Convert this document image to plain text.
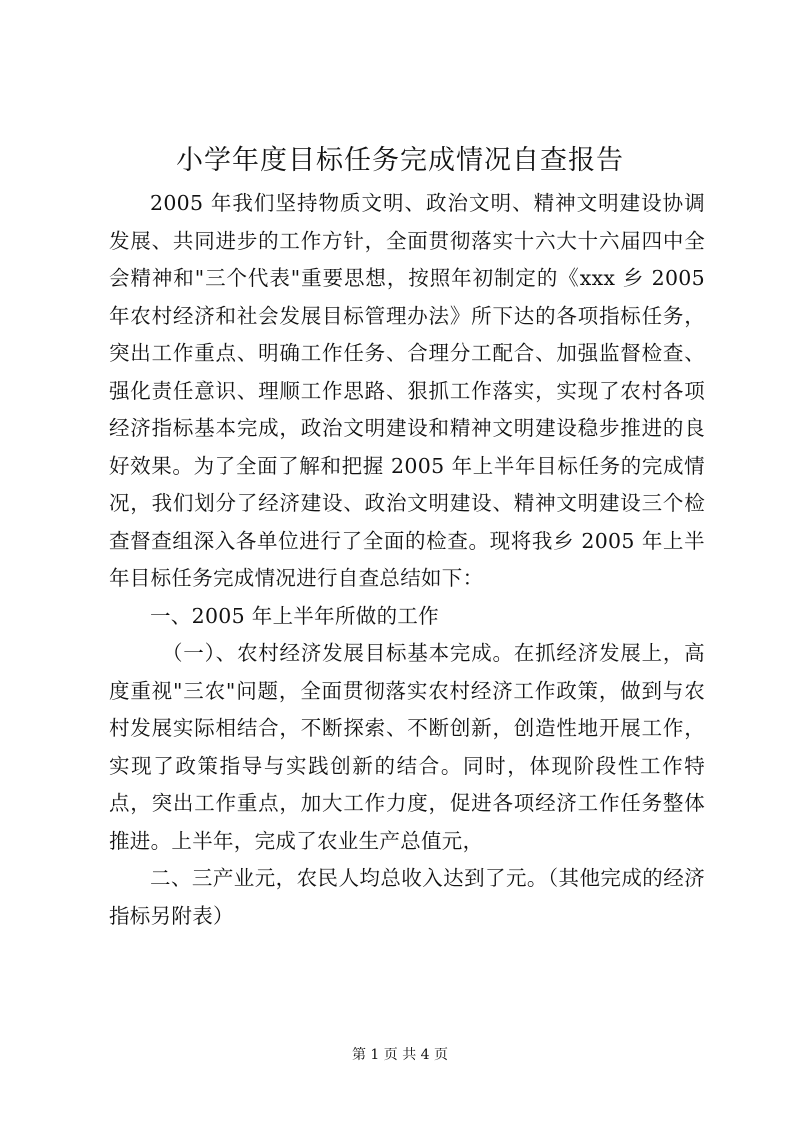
小学年度目标任务完成情况自查报告

2005 年我们坚持物质文明、政治文明、精神文明建设协调发展、共同进步的工作方针，全面贯彻落实十六大十六届四中全会精神和"三个代表"重要思想，按照年初制定的《xxx 乡 2005 年农村经济和社会发展目标管理办法》所下达的各项指标任务，突出工作重点、明确工作任务、合理分工配合、加强监督检查、强化责任意识、理顺工作思路、狠抓工作落实，实现了农村各项经济指标基本完成，政治文明建设和精神文明建设稳步推进的良好效果。为了全面了解和把握 2005 年上半年目标任务的完成情况，我们划分了经济建设、政治文明建设、精神文明建设三个检查督查组深入各单位进行了全面的检查。现将我乡 2005 年上半年目标任务完成情况进行自查总结如下：

一、2005 年上半年所做的工作

（一）、农村经济发展目标基本完成。在抓经济发展上，高度重视"三农"问题，全面贯彻落实农村经济工作政策，做到与农村发展实际相结合，不断探索、不断创新，创造性地开展工作，实现了政策指导与实践创新的结合。同时，体现阶段性工作特点，突出工作重点，加大工作力度，促进各项经济工作任务整体推进。上半年，完成了农业生产总值元，

二、三产业元，农民人均总收入达到了元。（其他完成的经济指标另附表）

第 1 页 共 4 页
